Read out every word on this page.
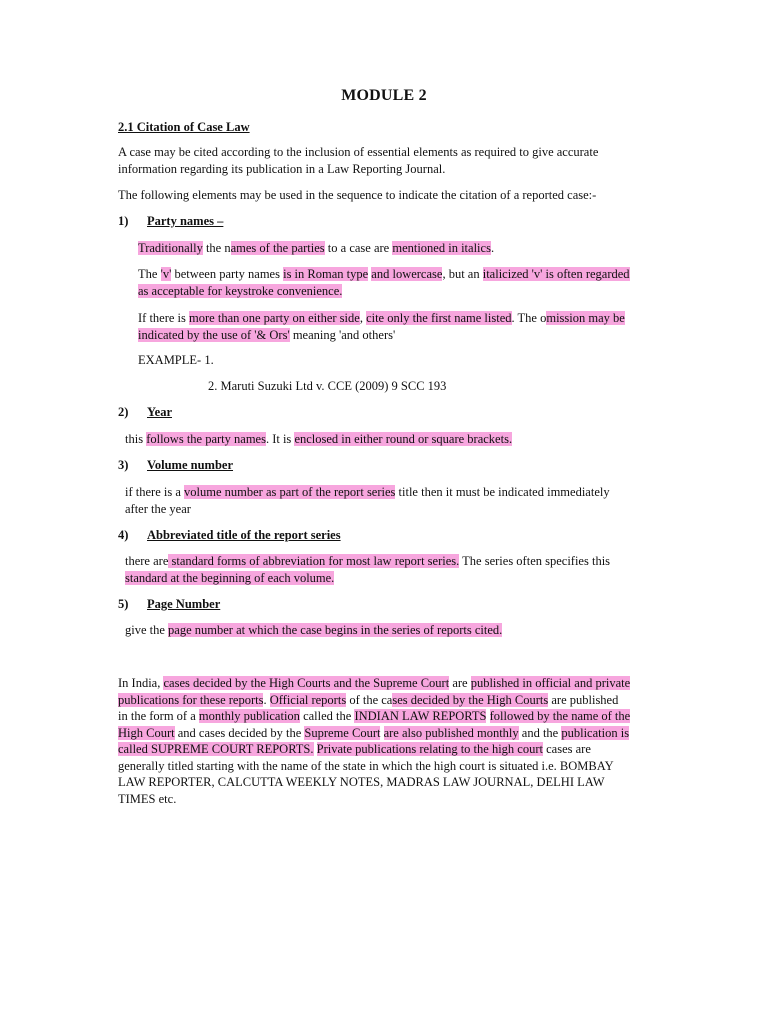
MODULE 2
2.1 Citation of Case Law
A case may be cited according to the inclusion of essential elements as required to give accurate
information regarding its publication in a Law Reporting Journal.
The following elements may be used in the sequence to indicate the citation of a reported case:-
1) Party names –
Traditionally the names of the parties to a case are mentioned in italics.
The 'v' between party names is in Roman type and lowercase, but an italicized 'v' is often regarded
as acceptable for keystroke convenience.
If there is more than one party on either side, cite only the first name listed. The omission may be
indicated by the use of '& Ors' meaning 'and others'
EXAMPLE- 1.
2. Maruti Suzuki Ltd v. CCE (2009) 9 SCC 193
2) Year
this follows the party names. It is enclosed in either round or square brackets.
3) Volume number
if there is a volume number as part of the report series title then it must be indicated immediately
after the year
4) Abbreviated title of the report series
there are standard forms of abbreviation for most law report series. The series often specifies this
standard at the beginning of each volume.
5) Page Number
give the page number at which the case begins in the series of reports cited.
In India, cases decided by the High Courts and the Supreme Court are published in official and private
publications for these reports. Official reports of the cases decided by the High Courts are published
in the form of a monthly publication called the INDIAN LAW REPORTS followed by the name of the
High Court and cases decided by the Supreme Court are also published monthly and the publication is
called SUPREME COURT REPORTS. Private publications relating to the high court cases are
generally titled starting with the name of the state in which the high court is situated i.e. BOMBAY
LAW REPORTER, CALCUTTA WEEKLY NOTES, MADRAS LAW JOURNAL, DELHI LAW
TIMES etc.
